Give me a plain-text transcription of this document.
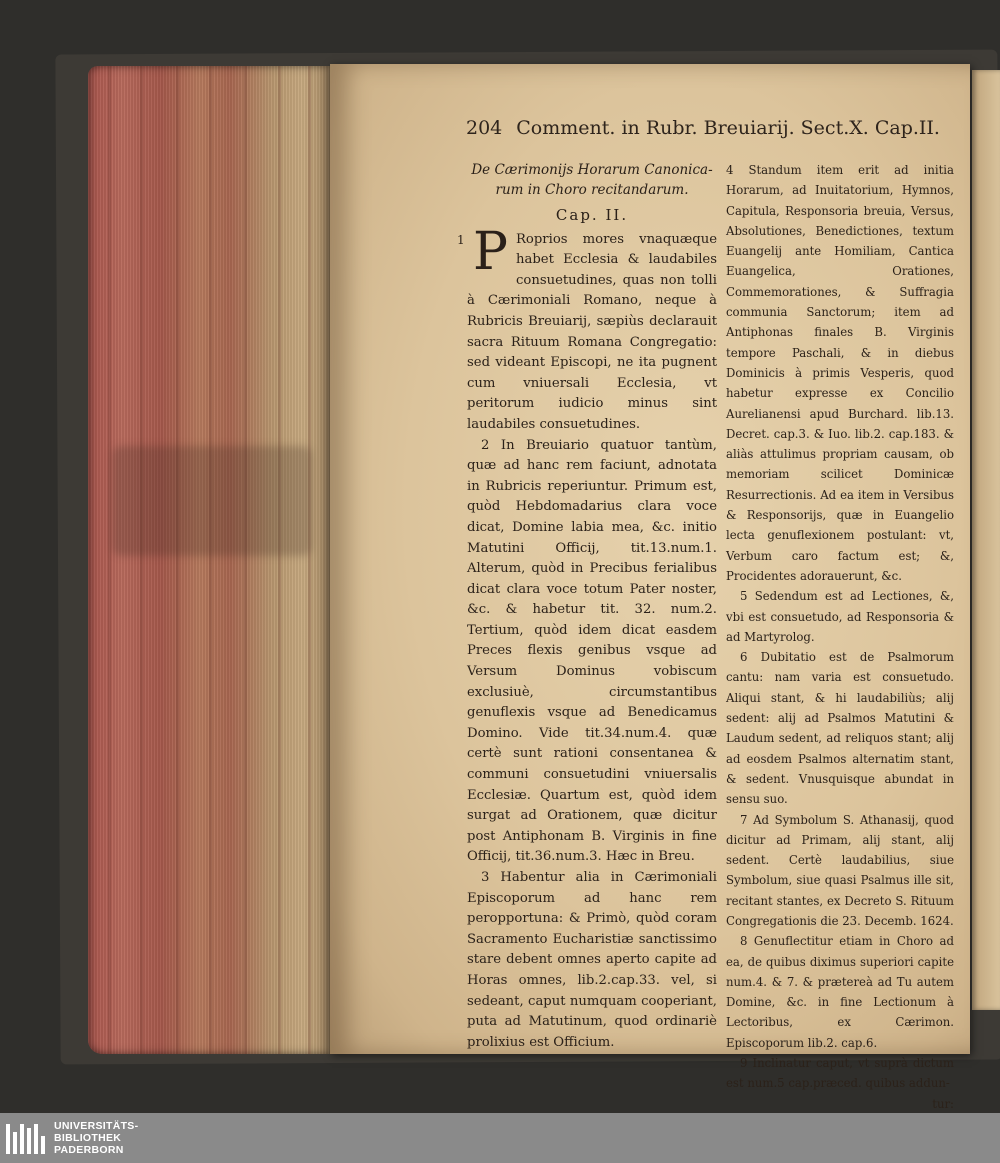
204 Comment. in Rubr. Breuiarij. Sect.X. Cap.II.
De Cærimonijs Horarum Canonica-
rum in Choro recitandarum.
Cap. II.

1 P Roprios mores vnaquæque habet Ecclesia & laudabiles consuetudines, quas non tolli à Cærimoniali Romano, neque à Rubricis Breuiarij, sæpiùs declarauit sacra Rituum Romana Congregatio: sed videant Episcopi, ne ita pugnent cum vniuersali Ecclesia, vt peritorum iudicio minus sint laudabiles consuetudines.

2 In Breuiario quatuor tantùm, quæ ad hanc rem faciunt, adnotata in Rubricis reperiuntur. Primum est, quòd Hebdomadarius clara voce dicat, Domine labia mea, &c. initio Matutini Officij, tit.13.num.1. Alterum, quòd in Precibus ferialibus dicat clara voce totum Pater noster, &c. & habetur tit. 32. num.2. Tertium, quòd idem dicat easdem Preces flexis genibus vsque ad Versum Dominus vobiscum exclusiuè, circumstantibus genuflexis vsque ad Benedicamus Domino. Vide tit.34.num.4. quæ certè sunt rationi consentanea & communi consuetudini vniuersalis Ecclesiæ. Quartum est, quòd idem surgat ad Orationem, quæ dicitur post Antiphonam B. Virginis in fine Officij, tit.36.num.3. Hæc in Breu.

3 Habentur alia in Cærimoniali Episcoporum ad hanc rem peropportuna: & Primò, quòd coram Sacramento Eucharistiæ sanctissimo stare debent omnes aperto capite ad Horas omnes, lib.2.cap.33. vel, si sedeant, caput numquam cooperiant, puta ad Matutinum, quod ordinariè prolixius est Officium.

4 Standum item erit ad initia Horarum, ad Inuitatorium, Hymnos, Capitula, Responsoria breuia, Versus, Absolutiones, Benedictiones, textum Euangelij ante Homiliam, Cantica Euangelica, Orationes, Commemorationes, & Suffragia communia Sanctorum; item ad Antiphonas finales B. Virginis tempore Paschali, & in diebus Dominicis à primis Vesperis, quod habetur expresse ex Concilio Aurelianensi apud Burchard. lib.13. Decret. cap.3. & Iuo. lib.2. cap.183. & aliàs attulimus propriam causam, ob memoriam scilicet Dominicæ Resurrectionis. Ad ea item in Versibus & Responsorijs, quæ in Euangelio lecta genuflexionem postulant: vt, Verbum caro factum est; &, Procidentes adorauerunt, &c.

5 Sedendum est ad Lectiones, &, vbi est consuetudo, ad Responsoria & ad Martyrolog.

6 Dubitatio est de Psalmorum cantu: nam varia est consuetudo. Aliqui stant, & hi laudabiliùs; alij sedent: alij ad Psalmos Matutini & Laudum sedent, ad reliquos stant; alij ad eosdem Psalmos alternatim stant, & sedent. Vnusquisque abundat in sensu suo.

7 Ad Symbolum S. Athanasij, quod dicitur ad Primam, alij stant, alij sedent. Certè laudabilius, siue Symbolum, siue quasi Psalmus ille sit, recitant stantes, ex Decreto S. Rituum Congregationis die 23. Decemb. 1624.

8 Genuflectitur etiam in Choro ad ea, de quibus diximus superiori capite num.4. & 7. & prætereà ad Tu autem Domine, &c. in fine Lectionum à Lectoribus, ex Cærimon. Episcoporum lib.2. cap.6.

9 Inclinatur caput, vt suprà dictum est num.5 cap.præced. quibus addun-

tur:

UNIVERSITÄTS-
BIBLIOTHEK
PADERBORN
